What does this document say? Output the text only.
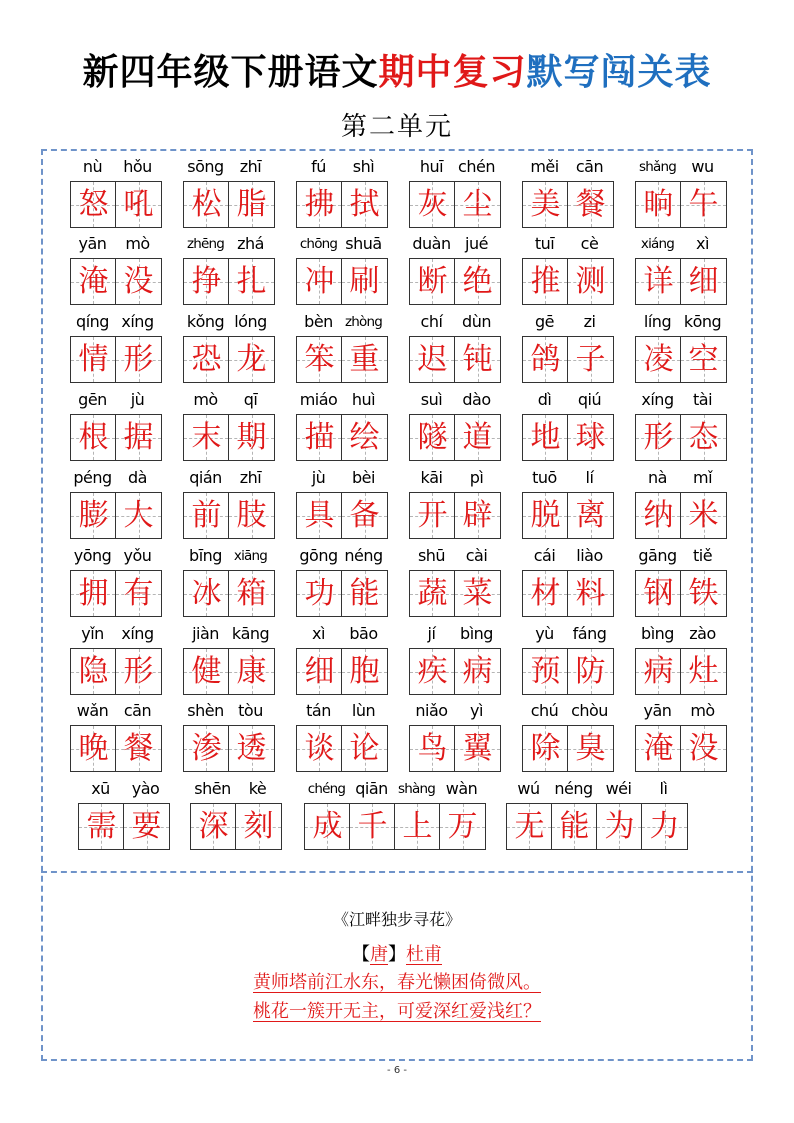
新四年级下册语文期中复习默写闯关表
第二单元
nù	hǒu
怒 吼
sōng	zhī
松 脂
fú	shì
拂 拭
huī chén
灰 尘
měi	cān
美 餐
shǎng wu
晌 午
yān	mò
淹 没
zhēng zhá
挣 扎
chōng shuā
冲 刷
duàn jué
断 绝
tuī	cè
推 测
xiáng	xì
详 细
qíng xíng
情 形
kǒng lóng
恐 龙
bèn zhòng
笨 重
chí	dùn
迟 钝
gē	zi
鸽 子
líng kōng
凌 空
gēn	jù
根 据
mò	qī
末 期
miáo huì
描 绘
suì	dào
隧 道
dì	qiú
地 球
xíng	tài
形 态
péng	dà
膨 大
qián	zhī
前 肢
jù	bèi
具 备
kāi	pì
开 辟
tuō	lí
脱 离
nà	mǐ
纳 米
yōng yǒu
拥 有
bīng xiāng
冰 箱
gōng néng
功 能
shū	cài
蔬 菜
cái	liào
材 料
gāng	tiě
钢 铁
yǐn	xíng
隐 形
jiàn kāng
健 康
xì	bāo
细 胞
jí	bìng
疾 病
yù	fáng
预 防
bìng zào
病 灶
wǎn cān
晚 餐
shèn tòu
渗 透
tán	lùn
谈 论
niǎo	yì
鸟 翼
chú chòu
除 臭
yān	mò
淹 没
xū	yào
需 要
shēn	kè
深 刻
chéng qiān shàng wàn
成 千 上 万
wú néng wéi	lì
无 能 为 力
《江畔独步寻花》
【唐】杜甫
黄师塔前江水东，春光懒困倚微风。
桃花一簇开无主，可爱深红爱浅红？
- 6 -
